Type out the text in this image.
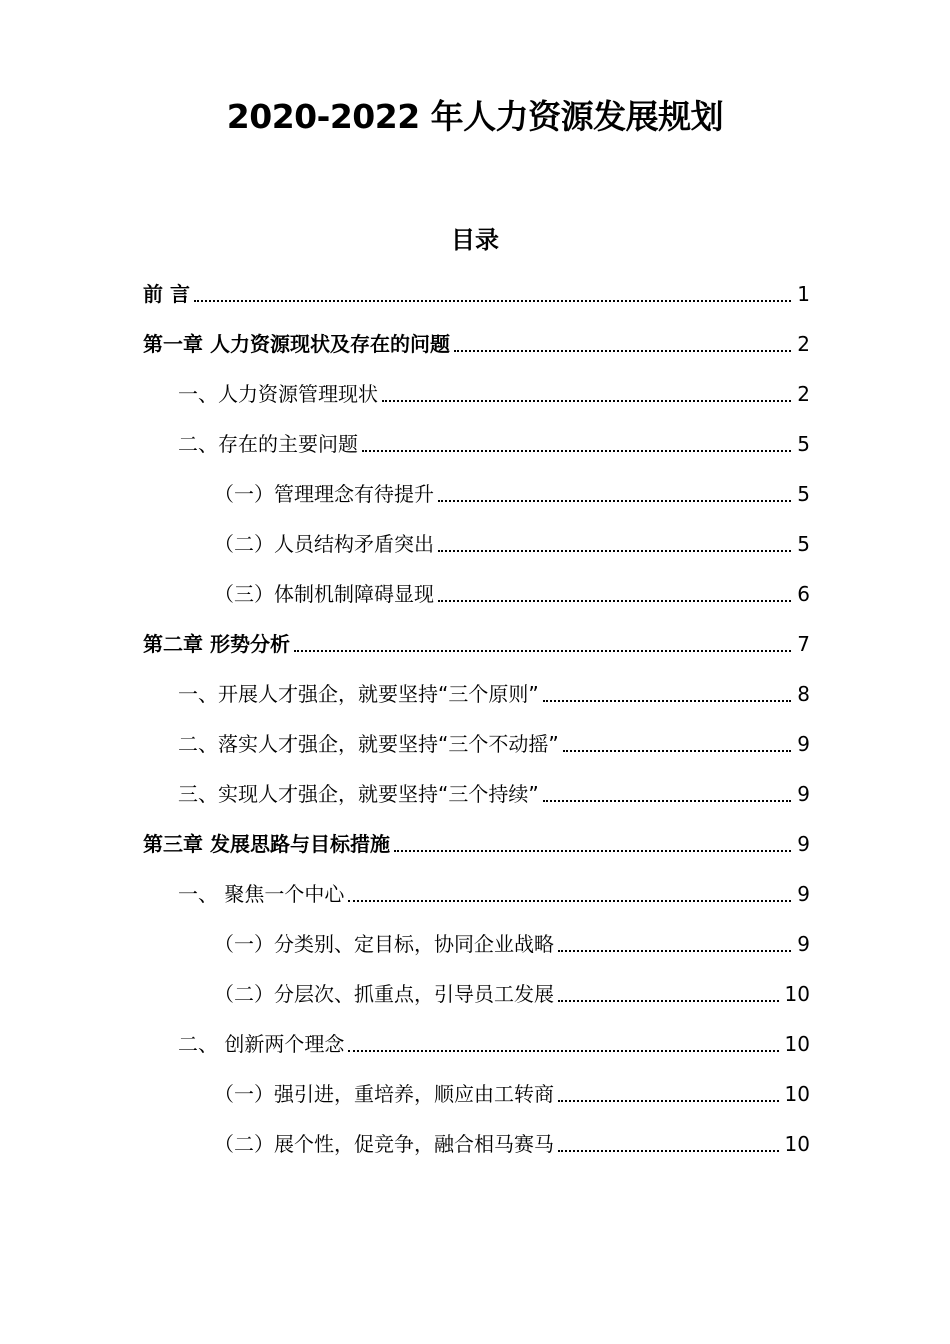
2020-2022 年人力资源发展规划
目录
前 言	1
第一章 人力资源现状及存在的问题	2
一、人力资源管理现状	2
二、存在的主要问题	5
（一）管理理念有待提升	5
（二）人员结构矛盾突出	5
（三）体制机制障碍显现	6
第二章 形势分析	7
一、开展人才强企，就要坚持“三个原则”	8
二、落实人才强企，就要坚持“三个不动摇”	9
三、实现人才强企，就要坚持“三个持续”	9
第三章 发展思路与目标措施	9
一、 聚焦一个中心	9
（一）分类别、定目标，协同企业战略	9
（二）分层次、抓重点，引导员工发展	10
二、 创新两个理念	10
（一）强引进，重培养，顺应由工转商	10
（二）展个性，促竞争，融合相马赛马	10
